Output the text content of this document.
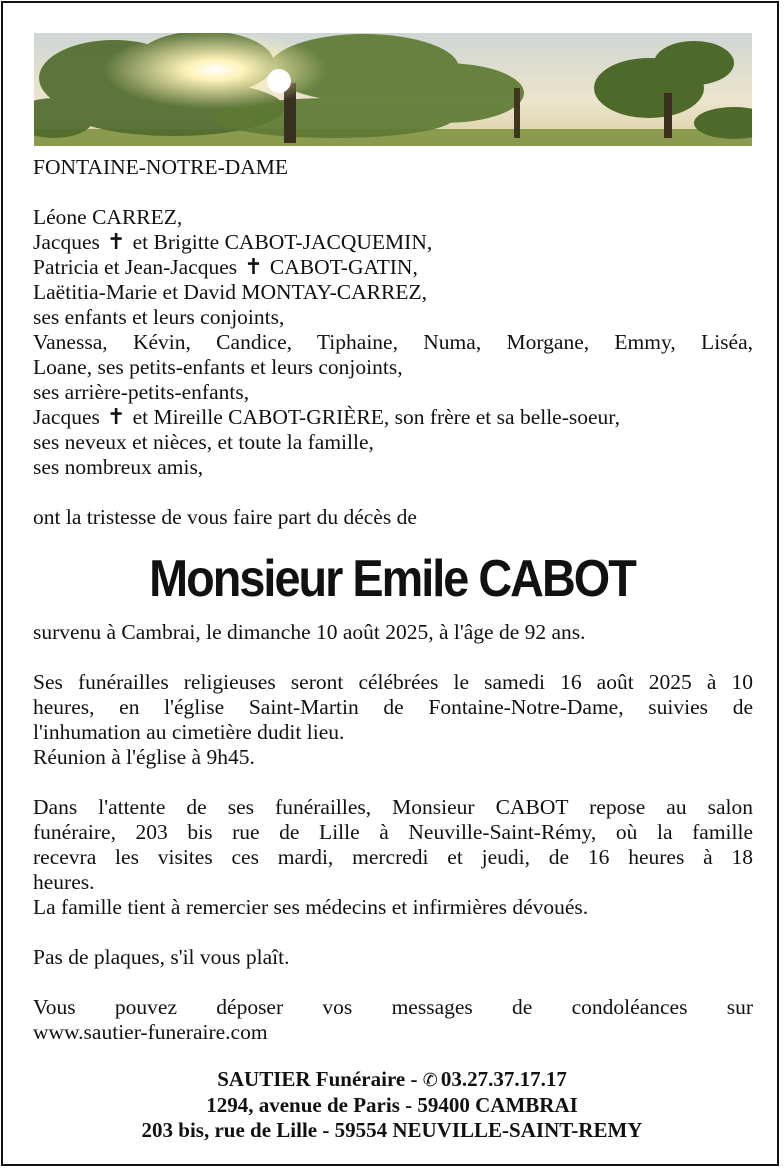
FONTAINE-NOTRE-DAME
Léone CARREZ,
Jacques ✝ et Brigitte CABOT-JACQUEMIN,
Patricia et Jean-Jacques ✝ CABOT-GATIN,
Laëtitia-Marie et David MONTAY-CARREZ,
ses enfants et leurs conjoints,
Vanessa, Kévin, Candice, Tiphaine, Numa, Morgane, Emmy, Liséa,
Loane, ses petits-enfants et leurs conjoints,
ses arrière-petits-enfants,
Jacques ✝ et Mireille CABOT-GRIÈRE, son frère et sa belle-soeur,
ses neveux et nièces, et toute la famille,
ses nombreux amis,
ont la tristesse de vous faire part du décès de
Monsieur Emile CABOT
survenu à Cambrai, le dimanche 10 août 2025, à l'âge de 92 ans.
Ses funérailles religieuses seront célébrées le samedi 16 août 2025 à 10
heures, en l'église Saint-Martin de Fontaine-Notre-Dame, suivies de
l'inhumation au cimetière dudit lieu.
Réunion à l'église à 9h45.
Dans l'attente de ses funérailles, Monsieur CABOT repose au salon
funéraire, 203 bis rue de Lille à Neuville-Saint-Rémy, où la famille
recevra les visites ces mardi, mercredi et jeudi, de 16 heures à 18
heures.
La famille tient à remercier ses médecins et infirmières dévoués.
Pas de plaques, s'il vous plaît.
Vous pouvez déposer vos messages de condoléances sur
www.sautier-funeraire.com
SAUTIER Funéraire - ✆ 03.27.37.17.17
1294, avenue de Paris - 59400 CAMBRAI
203 bis, rue de Lille - 59554 NEUVILLE-SAINT-REMY
